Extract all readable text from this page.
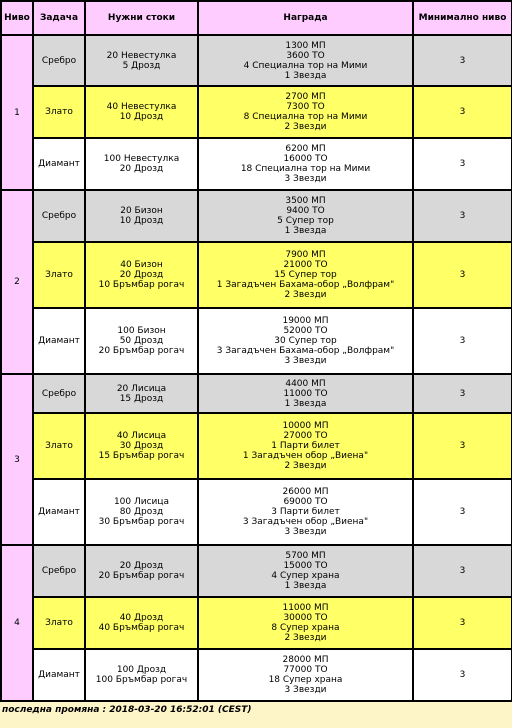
Ниво	Задача	Нужни стоки	Награда	Минимално ниво
1	Сребро	20 Невестулка
5 Дрозд	1300 МП
3600 ТО
4 Специална тор на Мими
1 Звезда	3
	Злато	40 Невестулка
10 Дрозд	2700 МП
7300 ТО
8 Специална тор на Мими
2 Звезди	3
	Диамант	100 Невестулка
20 Дрозд	6200 МП
16000 ТО
18 Специална тор на Мими
3 Звезди	3
2	Сребро	20 Бизон
10 Дрозд	3500 МП
9400 ТО
5 Супер тор
1 Звезда	3
	Злато	40 Бизон
20 Дрозд
10 Бръмбар рогач	7900 МП
21000 ТО
15 Супер тор
1 Загадъчен Бахама-обор „Волфрам"
2 Звезди	3
	Диамант	100 Бизон
50 Дрозд
20 Бръмбар рогач	19000 МП
52000 ТО
30 Супер тор
3 Загадъчен Бахама-обор „Волфрам"
3 Звезди	3
3	Сребро	20 Лисица
15 Дрозд	4400 МП
11000 ТО
1 Звезда	3
	Злато	40 Лисица
30 Дрозд
15 Бръмбар рогач	10000 МП
27000 ТО
1 Парти билет
1 Загадъчен обор „Виена"
2 Звезди	3
	Диамант	100 Лисица
80 Дрозд
30 Бръмбар рогач	26000 МП
69000 ТО
3 Парти билет
3 Загадъчен обор „Виена"
3 Звезди	3
4	Сребро	20 Дрозд
20 Бръмбар рогач	5700 МП
15000 ТО
4 Супер храна
1 Звезда	3
	Злато	40 Дрозд
40 Бръмбар рогач	11000 МП
30000 ТО
8 Супер храна
2 Звезди	3
	Диамант	100 Дрозд
100 Бръмбар рогач	28000 МП
77000 ТО
18 Супер храна
3 Звезди	3
последна промяна : 2018-03-20 16:52:01 (CEST)
